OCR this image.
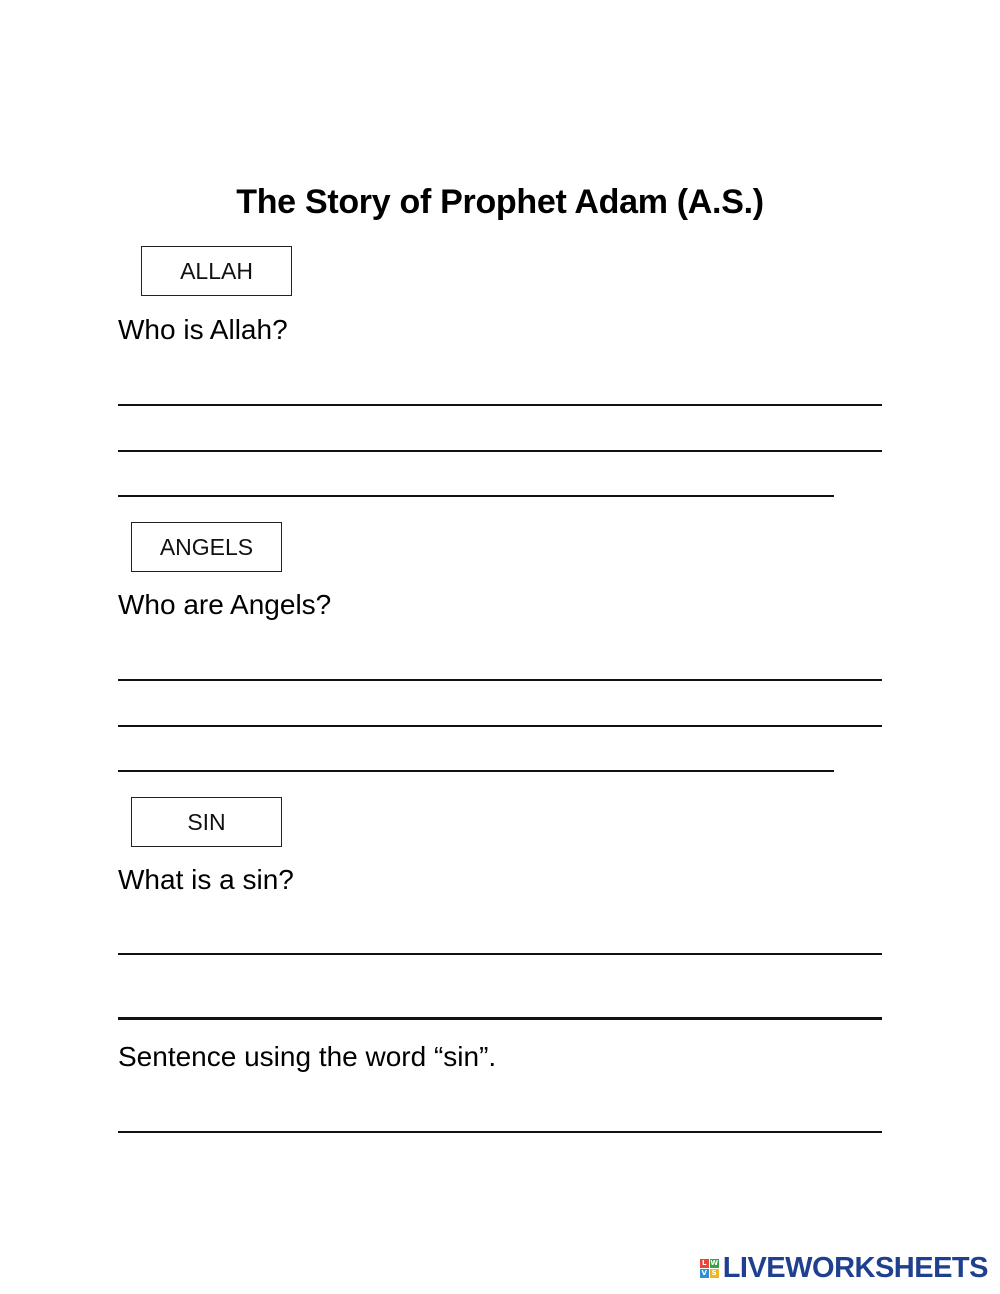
The Story of Prophet Adam (A.S.)
ALLAH
Who is Allah?
ANGELS
Who are Angels?
SIN
What is a sin?
Sentence using the word “sin”.
L W
V S LIVEWORKSHEETS
